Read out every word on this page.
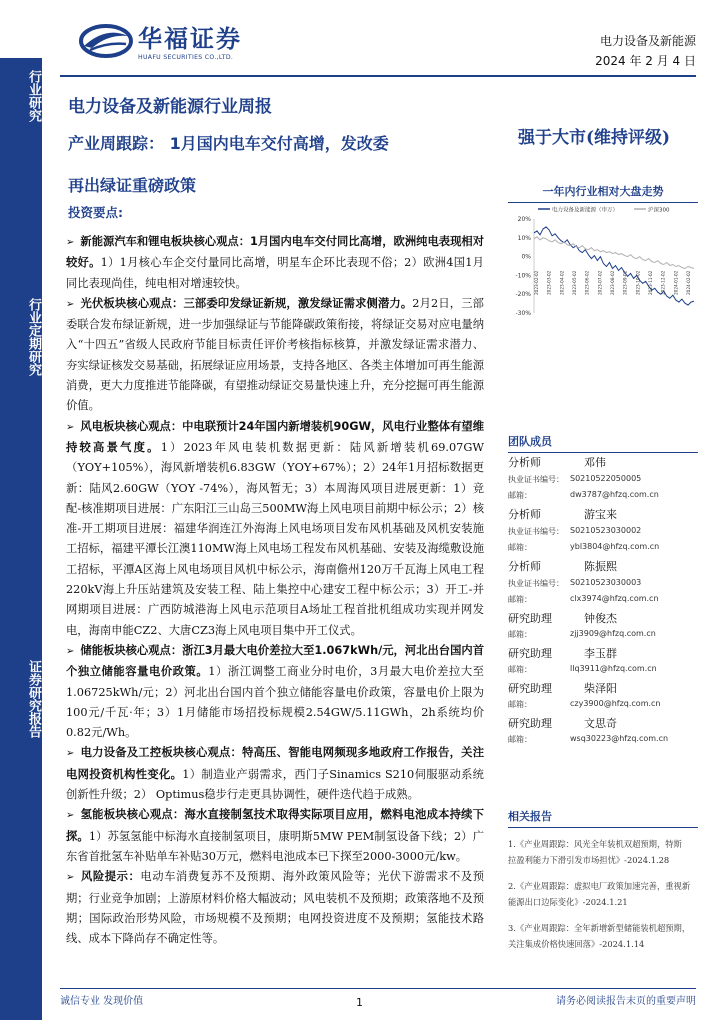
华福证券
HUAFU SECURITIES CO.,LTD.
电力设备及新能源
2024 年 2 月 4 日
行业研究
行业定期研究
证券研究报告
电力设备及新能源行业周报
产业周跟踪： 1月国内电车交付高增，发改委
再出绿证重磅政策
强于大市(维持评级)
投资要点:

➢ 新能源汽车和锂电板块核心观点：1月国内电车交付同比高增，欧洲纯电表现相对较好。1）1月核心车企交付量同比高增，明星车企环比表现不俗；2）欧洲4国1月同比表现尚佳，纯电相对增速较快。

➢ 光伏板块核心观点：三部委印发绿证新规，激发绿证需求侧潜力。2月2日，三部委联合发布绿证新规，进一步加强绿证与节能降碳政策衔接，将绿证交易对应电量纳入“十四五”省级人民政府节能目标责任评价考核指标核算，并激发绿证需求潜力、夯实绿证核发交易基础，拓展绿证应用场景，支持各地区、各类主体增加可再生能源消费，更大力度推进节能降碳，有望推动绿证交易量快速上升，充分挖掘可再生能源价值。

➢ 风电板块核心观点：中电联预计24年国内新增装机90GW，风电行业整体有望维持较高景气度。1）2023年风电装机数据更新：陆风新增装机69.07GW（YOY+105%），海风新增装机6.83GW（YOY+67%）；2）24年1月招标数据更新：陆风2.60GW（YOY -74%），海风暂无；3）本周海风项目进展更新：1）竞配-核准期项目进展：广东阳江三山岛三500MW海上风电项目前期中标公示；2）核准-开工期项目进展：福建华润连江外海海上风电场项目发布风机基础及风机安装施工招标，福建平潭长江澳110MW海上风电场工程发布风机基础、安装及海缆敷设施工招标，平潭A区海上风电场项目风机中标公示，海南儋州120万千瓦海上风电工程220kV海上升压站建筑及安装工程、陆上集控中心建安工程中标公示；3）开工-并网期项目进展：广西防城港海上风电示范项目A场址工程首批机组成功实现并网发电，海南申能CZ2、大唐CZ3海上风电项目集中开工仪式。

➢ 储能板块核心观点：浙江3月最大电价差拉大至1.067kWh/元，河北出台国内首个独立储能容量电价政策。1）浙江调整工商业分时电价，3月最大电价差拉大至1.06725kWh/元；2）河北出台国内首个独立储能容量电价政策，容量电价上限为100元/千瓦·年；3）1月储能市场招投标规模2.54GW/5.11GWh，2h系统均价0.82元/Wh。

➢ 电力设备及工控板块核心观点：特高压、智能电网频现多地政府工作报告，关注电网投资机构性变化。1）制造业产弱需求，西门子Sinamics S210伺服驱动系统创新性升级；2） Optimus稳步行走更具协调性，硬件迭代趋于成熟。

➢ 氢能板块核心观点：海水直接制氢技术取得实际项目应用，燃料电池成本持续下探。1）苏氢氢能中标海水直接制氢项目，康明斯5MW PEM制氢设备下线；2）广东省首批氢车补贴单车补贴30万元，燃料电池成本已下探至2000-3000元/kw。

➢ 风险提示：电动车消费复苏不及预期、海外政策风险等；光伏下游需求不及预期；行业竞争加剧；上游原材料价格大幅波动；风电装机不及预期；政策落地不及预期；国际政治形势风险，市场规模不及预期；电网投资进度不及预期；氢能技术路线、成本下降尚存不确定性等。

一年内行业相对大盘走势
电力设备及新能源（申万）	沪深300
20%
10%
0%
-10%
-20%
-30%
2023-02-02 2023-03-02 2023-04-02 2023-05-02 2023-06-02 2023-07-02 2023-08-02 2023-09-02 2023-10-02 2023-11-02 2023-12-02 2024-01-02 2024-02-02
团队成员
分析师	邓伟
执业证书编号： S0210522050005
邮箱：	dw3787@hfzq.com.cn
分析师	游宝来
执业证书编号： S0210523030002
邮箱：	ybl3804@hfzq.com.cn
分析师	陈振熙
执业证书编号： S0210523030003
邮箱：	clx3974@hfzq.com.cn
研究助理	钟俊杰
邮箱：	zjj3909@hfzq.com.cn
研究助理	李玉群
邮箱：	llq3911@hfzq.com.cn
研究助理	柴泽阳
邮箱：	czy3900@hfzq.com.cn
研究助理	文思奇
邮箱：	wsq30223@hfzq.com.cn
相关报告
1.《产业周跟踪：风光全年装机双超预期，特斯
拉盈利能力下滑引发市场担忧》-2024.1.28
2.《产业周跟踪：虚拟电厂政策加速完善，重视新
能源出口边际变化》-2024.1.21
3.《产业周跟踪：全年新增新型储能装机超预期，
关注集成价格快速回落》-2024.1.14
诚信专业 发现价值	1	请务必阅读报告末页的重要声明
